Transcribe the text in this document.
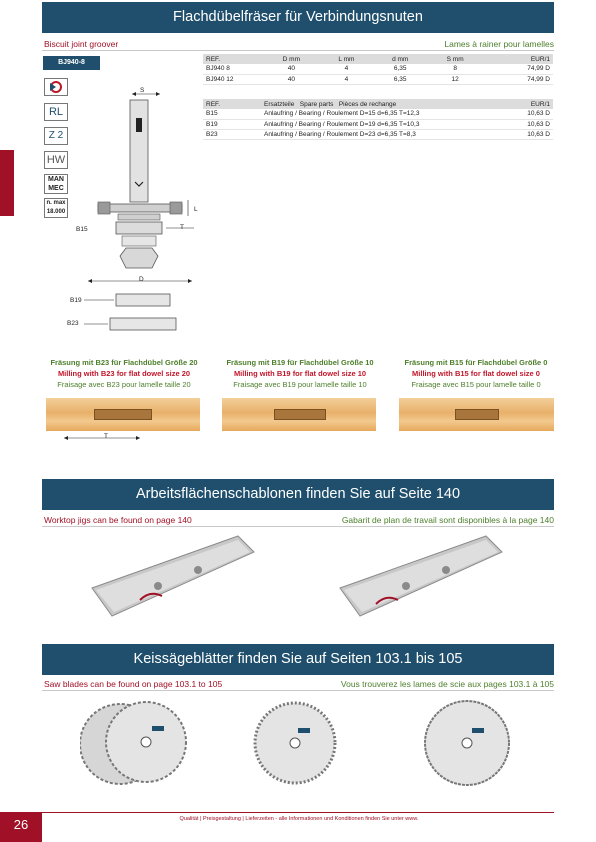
Flachdübelfräser für Verbindungsnuten
Biscuit joint groover	Lames à rainer pour lamelles
BJ940-8
RL
Z 2
HW
MAN MEC
n. max 18.000
S
L
T
D
B15
B19
B23
REF.	D mm	L mm	d mm	S mm	EUR/1
BJ940 8	40	4	6,35	8	74,99 D
BJ940 12	40	4	6,35	12	74,99 D
REF.	Ersatzteile Spare parts Pièces de rechange	EUR/1
B15	Anlaufring / Bearing / Roulement D=15 d=6,35 T=12,3	10,63 D
B19	Anlaufring / Bearing / Roulement D=19 d=6,35 T=10,3	10,63 D
B23	Anlaufring / Bearing / Roulement D=23 d=6,35 T=8,3	10,63 D
Fräsung mit B23 für Flachdübel Größe 20
Milling with B23 for flat dowel size 20
Fraisage avec B23 pour lamelle taille 20
Fräsung mit B19 für Flachdübel Größe 10
Milling with B19 for flat dowel size 10
Fraisage avec B19 pour lamelle taille 10
Fräsung mit B15 für Flachdübel Größe 0
Milling with B15 for flat dowel size 0
Fraisage avec B15 pour lamelle taille 0
T
Arbeitsflächenschablonen finden Sie auf Seite 140
Worktop jigs can be found on page 140	Gabarit de plan de travail sont disponibles à la page 140
Keissägeblätter finden Sie auf Seiten 103.1 bis 105
Saw blades can be found on page 103.1 to 105	Vous trouverez les lames de scie aux pages 103.1 à 105
26	Qualität | Preisgestaltung | Lieferzeiten - alle Informationen und Konditionen finden Sie unter www.
